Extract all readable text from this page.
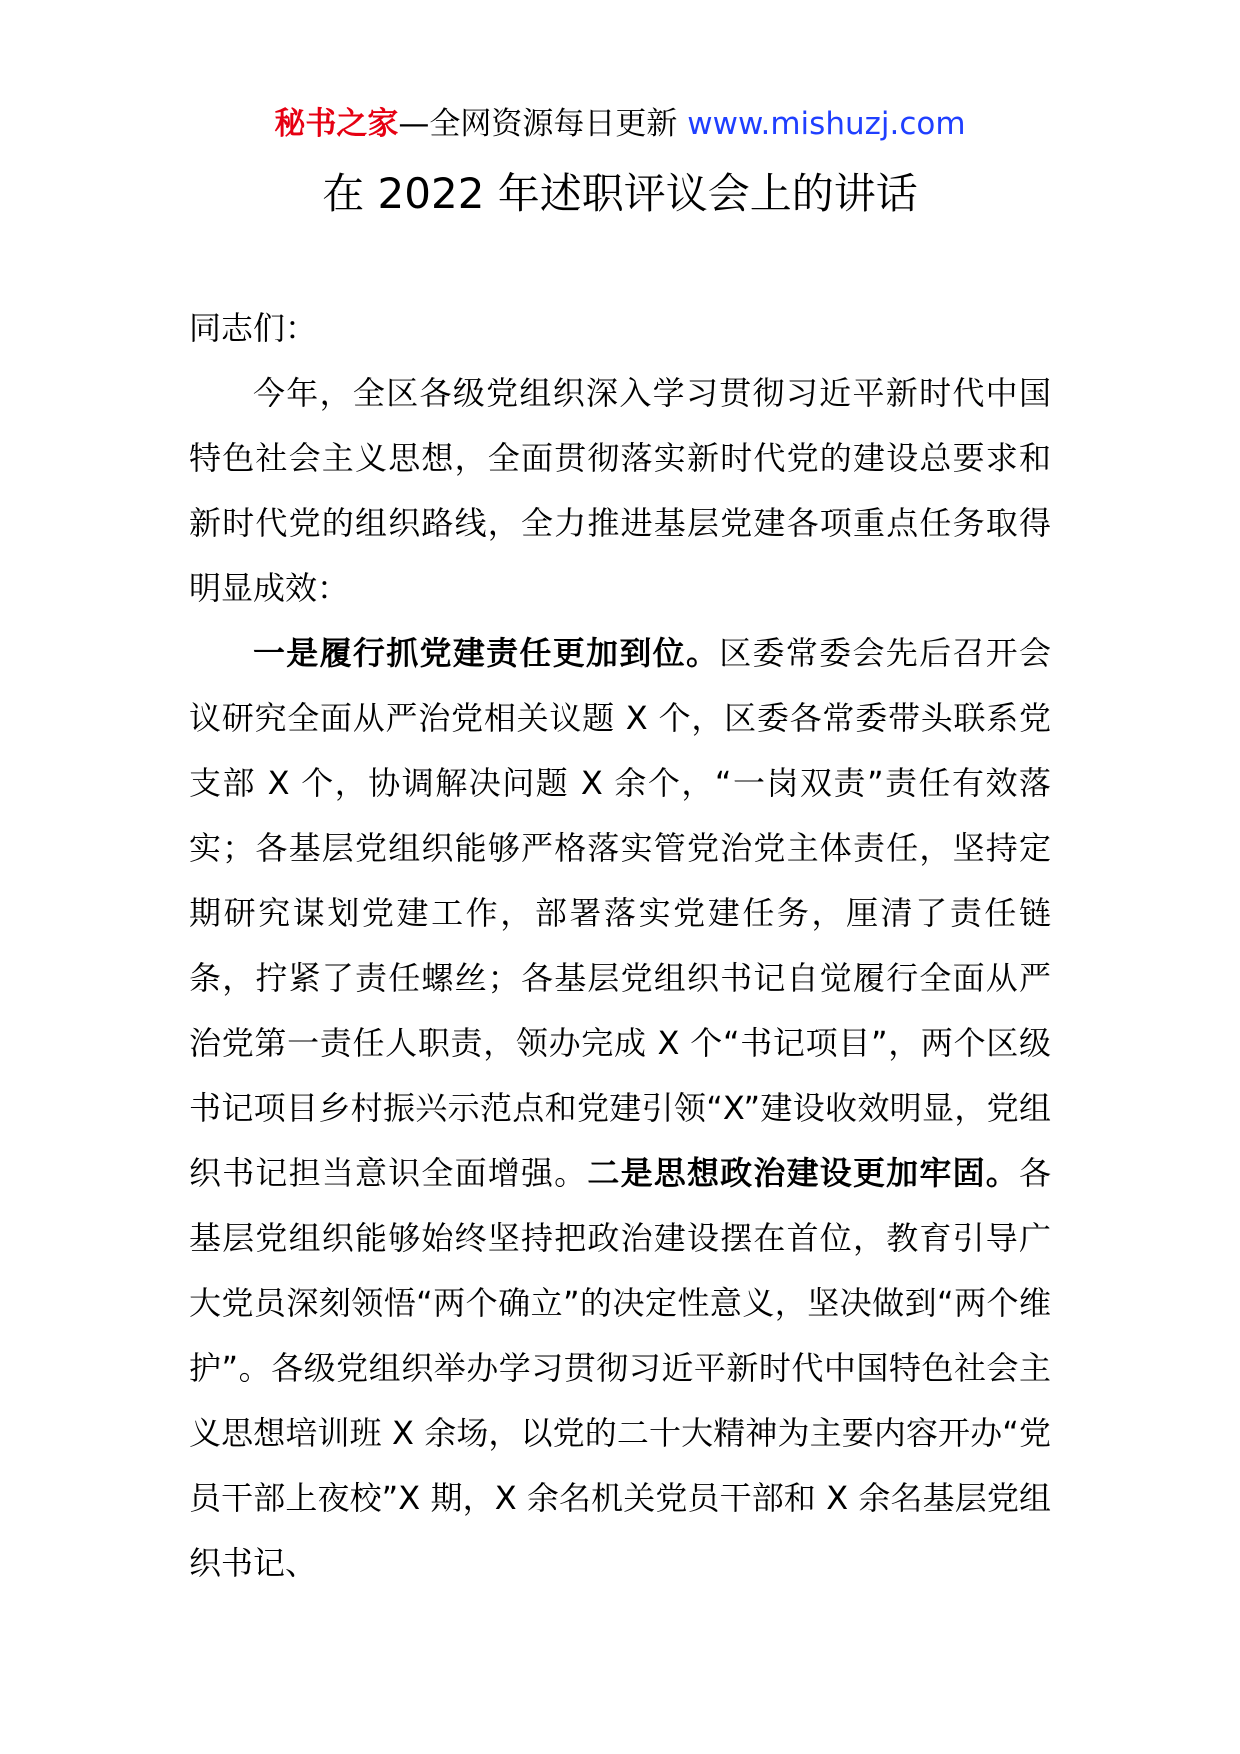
秘书之家—全网资源每日更新 www.mishuzj.com
在 2022 年述职评议会上的讲话

同志们：

今年，全区各级党组织深入学习贯彻习近平新时代中国特色社会主义思想，全面贯彻落实新时代党的建设总要求和新时代党的组织路线，全力推进基层党建各项重点任务取得明显成效：

一是履行抓党建责任更加到位。区委常委会先后召开会议研究全面从严治党相关议题 X 个，区委各常委带头联系党支部 X 个，协调解决问题 X 余个，“一岗双责”责任有效落实；各基层党组织能够严格落实管党治党主体责任，坚持定期研究谋划党建工作，部署落实党建任务，厘清了责任链条，拧紧了责任螺丝；各基层党组织书记自觉履行全面从严治党第一责任人职责，领办完成 X 个“书记项目”，两个区级书记项目乡村振兴示范点和党建引领“X”建设收效明显，党组织书记担当意识全面增强。二是思想政治建设更加牢固。各基层党组织能够始终坚持把政治建设摆在首位，教育引导广大党员深刻领悟“两个确立”的决定性意义，坚决做到“两个维护”。各级党组织举办学习贯彻习近平新时代中国特色社会主义思想培训班 X 余场，以党的二十大精神为主要内容开办“党员干部上夜校”X 期，X 余名机关党员干部和 X 余名基层党组织书记、
